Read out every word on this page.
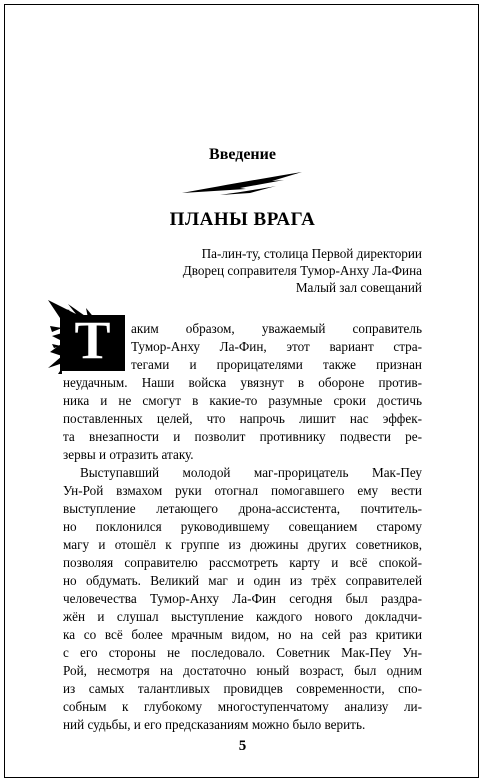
Введение
ПЛАНЫ ВРАГА
Па-лин-ту, столица Первой директории
Дворец соправителя Тумор-Анху Ла-Фина
Малый зал совещаний
Т	аким образом, уважаемый соправитель
Тумор-Анху Ла-Фин, этот вариант стра-
тегами и прорицателями также признан
неудачным. Наши войска увязнут в обороне против-
ника и не смогут в какие-то разумные сроки достичь
поставленных целей, что напрочь лишит нас эффек-
та внезапности и позволит противнику подвести ре-
зервы и отразить атаку.
Выступавший молодой маг-прорицатель Мак-Пеу
Ун-Рой взмахом руки отогнал помогавшего ему вести
выступление летающего дрона-ассистента, почтитель-
но поклонился руководившему совещанием старому
магу и отошёл к группе из дюжины других советников,
позволяя соправителю рассмотреть карту и всё спокой-
но обдумать. Великий маг и один из трёх соправителей
человечества Тумор-Анху Ла-Фин сегодня был раздра-
жён и слушал выступление каждого нового докладчи-
ка со всё более мрачным видом, но на сей раз критики
с его стороны не последовало. Советник Мак-Пеу Ун-
Рой, несмотря на достаточно юный возраст, был одним
из самых талантливых провидцев современности, спо-
собным к глубокому многоступенчатому анализу ли-
ний судьбы, и его предсказаниям можно было верить.
5
